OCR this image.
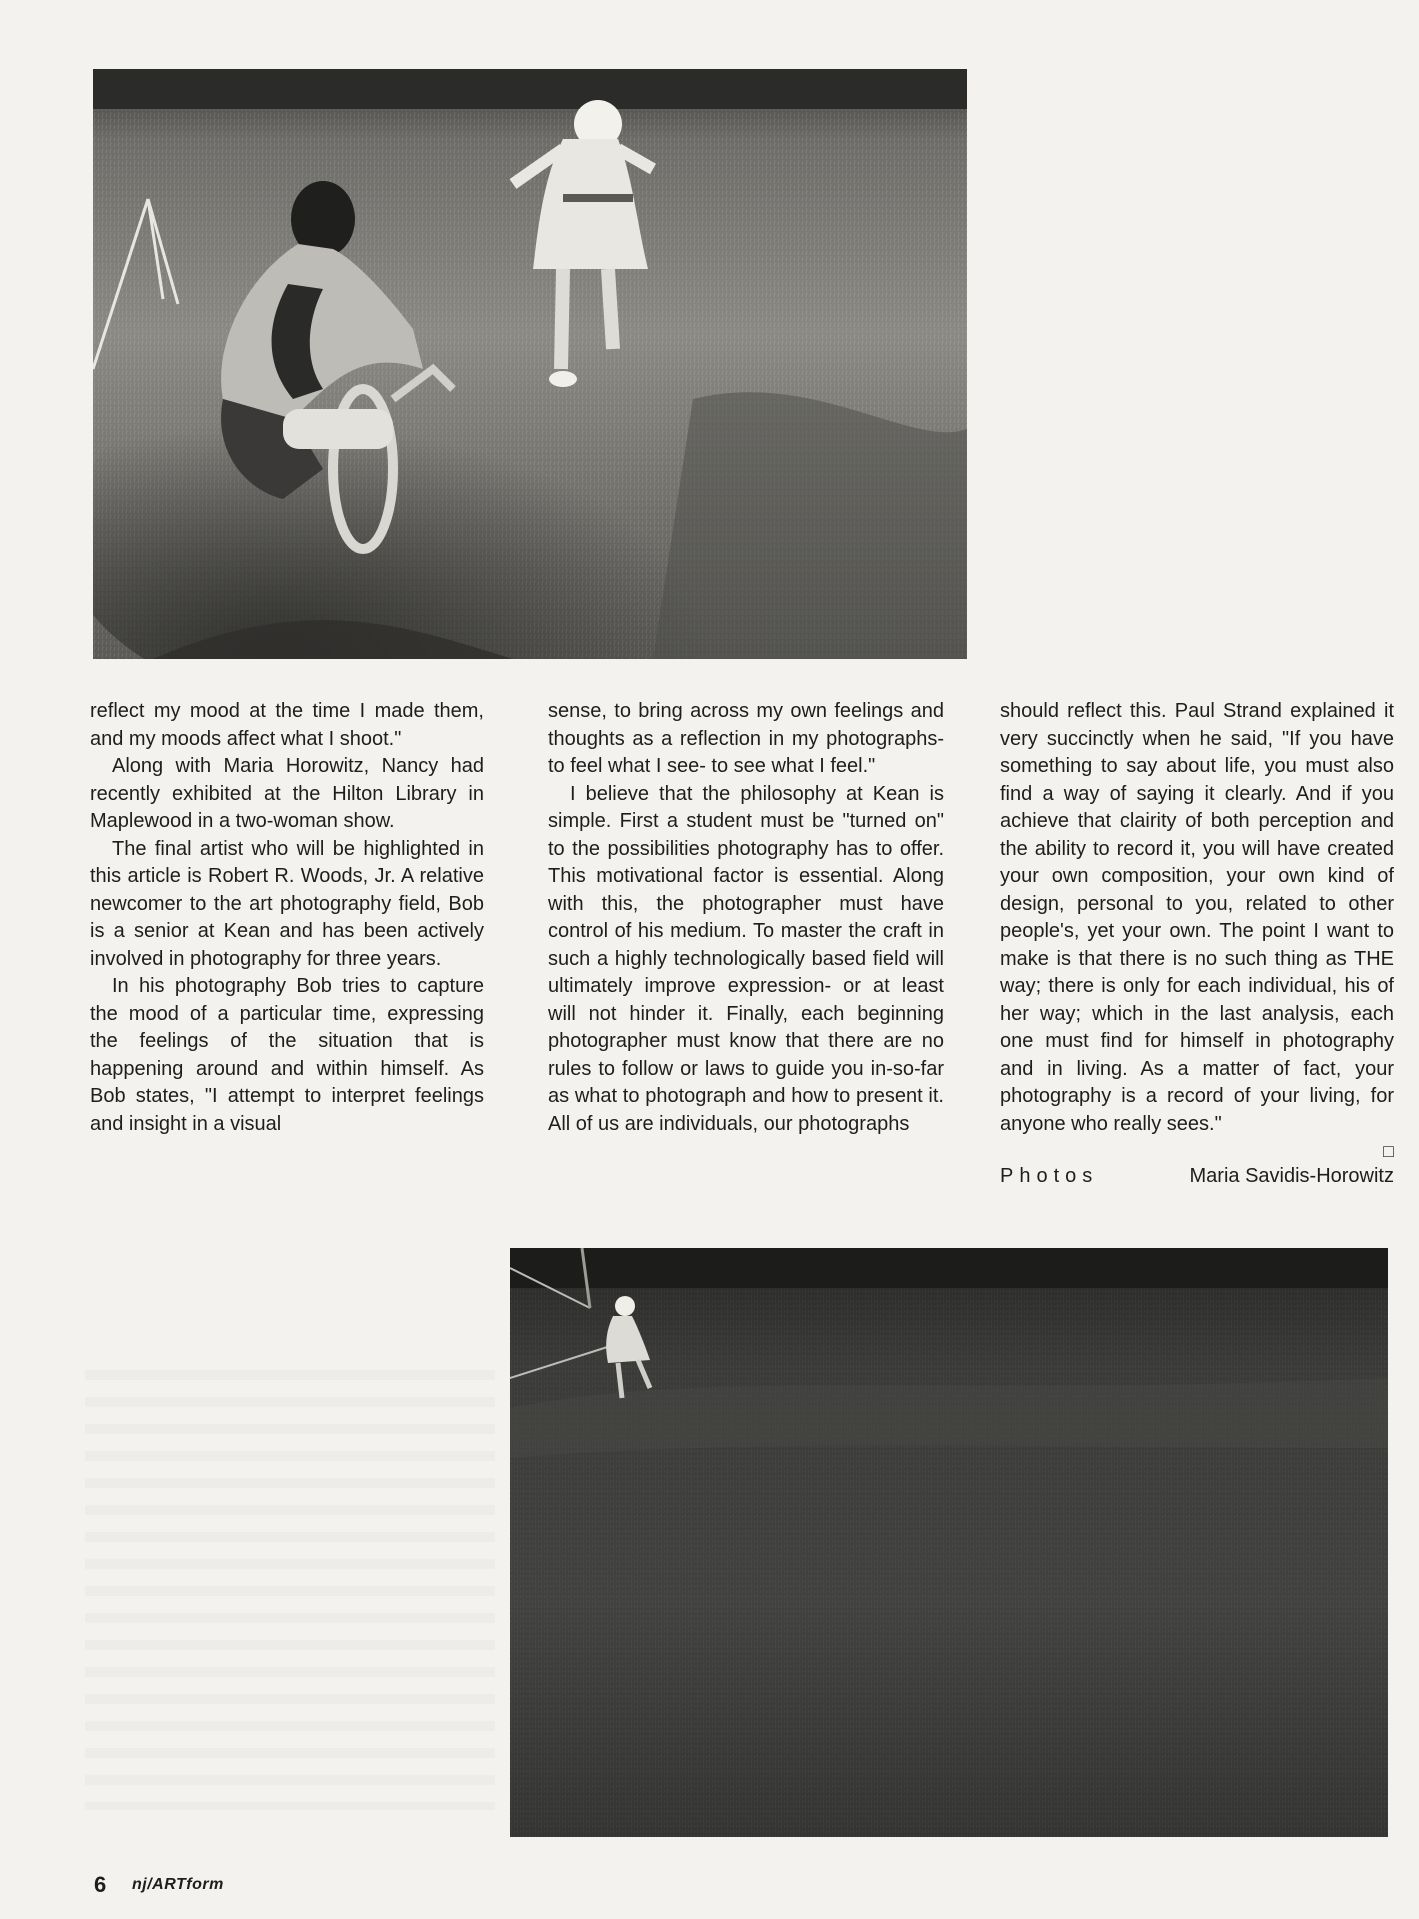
reflect my mood at the time I made them, and my moods affect what I shoot."

Along with Maria Horowitz, Nancy had recently exhibited at the Hilton Library in Maplewood in a two-woman show.

The final artist who will be highlighted in this article is Robert R. Woods, Jr. A relative newcomer to the art photography field, Bob is a senior at Kean and has been actively involved in photography for three years.

In his photography Bob tries to capture the mood of a particular time, expressing the feelings of the situation that is happening around and within himself. As Bob states, "I attempt to interpret feelings and insight in a visual

sense, to bring across my own feelings and thoughts as a reflection in my photographs- to feel what I see- to see what I feel."

I believe that the philosophy at Kean is simple. First a student must be "turned on" to the possibilities photography has to offer. This motivational factor is essential. Along with this, the photographer must have control of his medium. To master the craft in such a highly technologically based field will ultimately improve expression- or at least will not hinder it. Finally, each beginning photographer must know that there are no rules to follow or laws to guide you in-so-far as what to photograph and how to present it. All of us are individuals, our photographs

should reflect this. Paul Strand explained it very succinctly when he said, "If you have something to say about life, you must also find a way of saying it clearly. And if you achieve that clairity of both perception and the ability to record it, you will have created your own composition, your own kind of design, personal to you, related to other people's, yet your own. The point I want to make is that there is no such thing as THE way; there is only for each individual, his of her way; which in the last analysis, each one must find for himself in photography and in living. As a matter of fact, your photography is a record of your living, for anyone who really sees."

□
Photos	Maria Savidis-Horowitz
6 nj/ARTform
